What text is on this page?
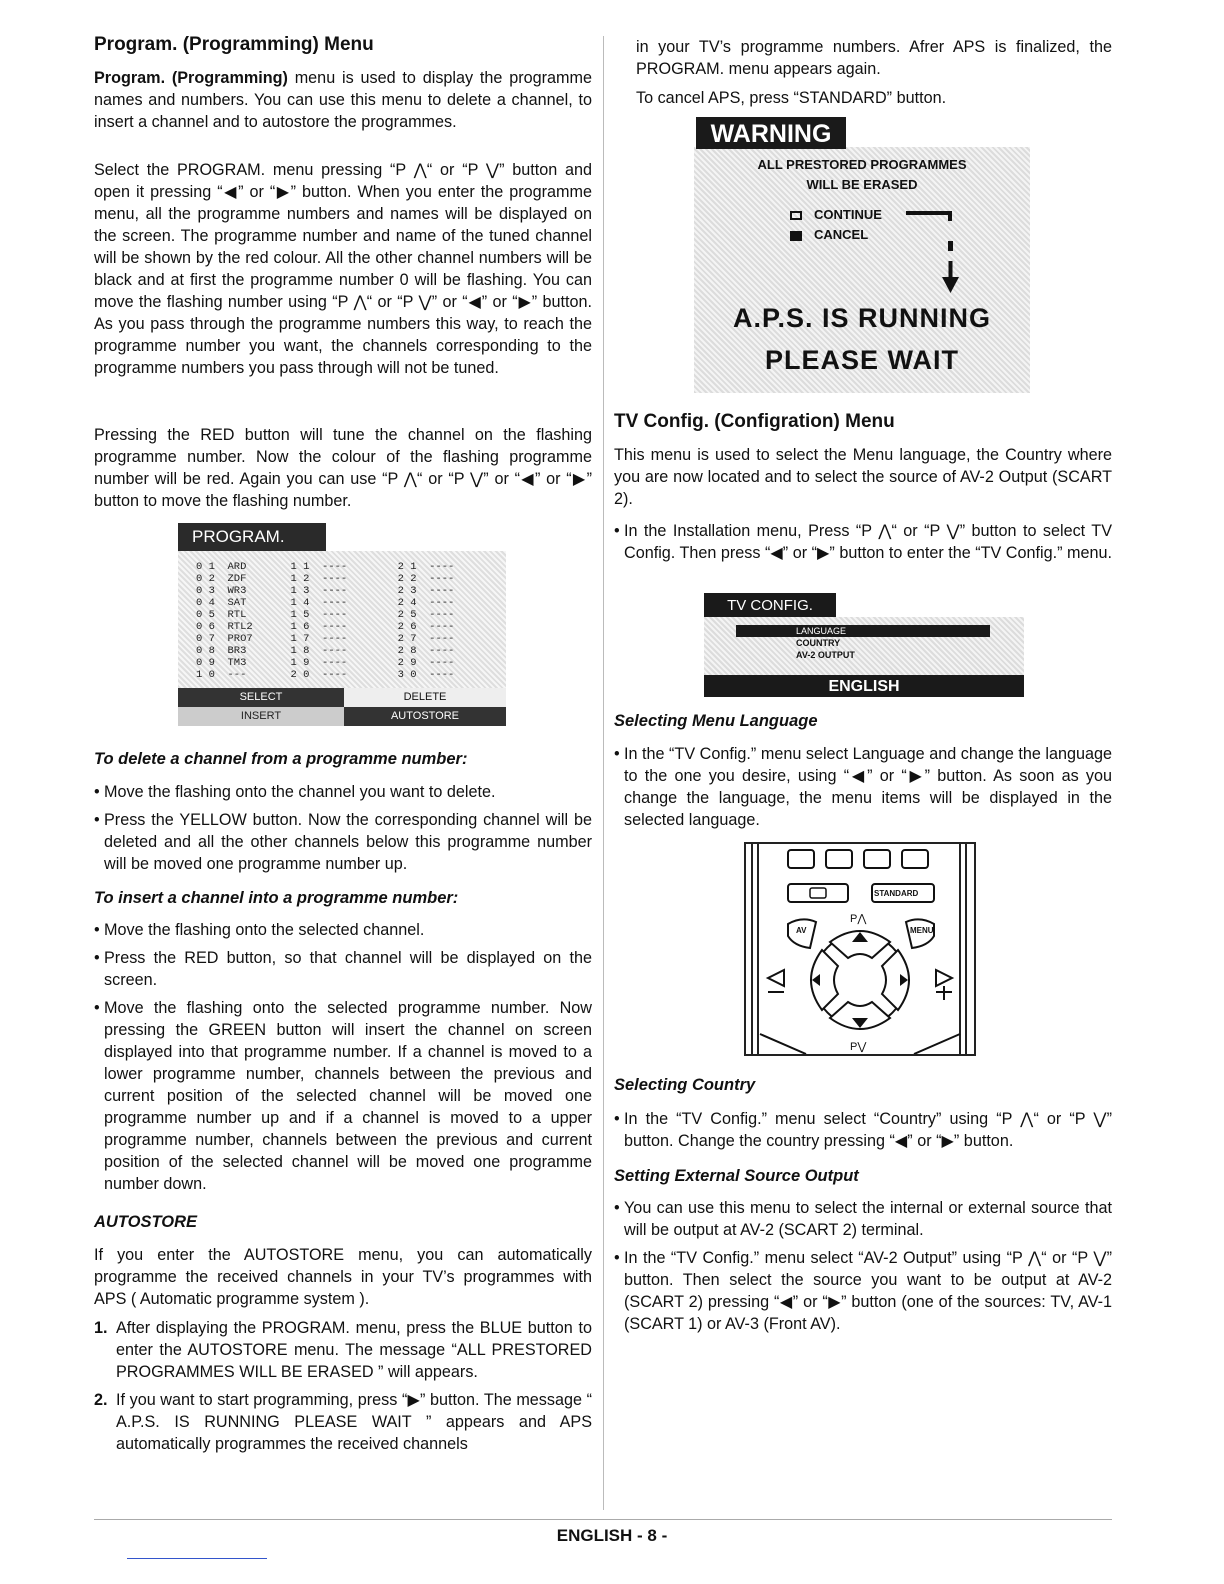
Program. (Programming) Menu

Program. (Programming) menu is used to display the programme names and numbers. You can use this menu to delete a channel, to insert a channel and to autostore the programmes.

Select the PROGRAM. menu pressing “P ⋀“ or “P ⋁” button and open it pressing “◀” or “▶” button. When you enter the programme menu, all the programme numbers and names will be displayed on the screen. The programme number and name of the tuned channel will be shown by the red colour. All the other channel numbers will be black and at first the programme number 0 will be flashing. You can move the flashing number using “P ⋀“ or “P ⋁” or “◀” or “▶” button. As you pass through the programme numbers this way, to reach the programme number you want, the channels corresponding to the programme numbers you pass through will not be tuned.

Pressing the RED button will tune the channel on the flashing programme number. Now the colour of the flashing programme number will be red. Again you can use “P ⋀“ or “P ⋁” or “◀” or “▶” button to move the flashing number.

PROGRAM.
0 1  ARD       1 1  ----        2 1  ----
0 2  ZDF       1 2  ----        2 2  ----
0 3  WR3       1 3  ----        2 3  ----
0 4  SAT       1 4  ----        2 4  ----
0 5  RTL       1 5  ----        2 5  ----
0 6  RTL2      1 6  ----        2 6  ----
0 7  PRO7      1 7  ----        2 7  ----
0 8  BR3       1 8  ----        2 8  ----
0 9  TM3       1 9  ----        2 9  ----
1 0  ---       2 0  ----        3 0  ----
SELECT	DELETE
INSERT	AUTOSTORE

To delete a channel from a programme number:

• Move the flashing onto the channel you want to delete.
• Press the YELLOW button. Now the corresponding channel will be deleted and all the other channels below this programme number will be moved one programme number up.

To insert a channel into a programme number:

• Move the flashing onto the selected channel.
• Press the RED button, so that channel will be displayed on the screen.
• Move the flashing onto the selected programme number. Now pressing the GREEN button will insert the channel on screen displayed into that programme number. If a channel is moved to a lower programme number, channels between the previous and current position of the selected channel will be moved one programme number up and if a channel is moved to a upper programme number, channels between the previous and current position of the selected channel will be moved one programme number down.

AUTOSTORE

If you enter the AUTOSTORE menu, you can automatically programme the received channels in your TV’s programmes with APS ( Automatic programme system ).

1. After displaying the PROGRAM. menu, press the BLUE button to enter the AUTOSTORE menu. The message “ALL PRESTORED PROGRAMMES WILL BE ERASED ” will appears.
2. If you want to start programming, press “▶” button. The message “ A.P.S. IS RUNNING PLEASE WAIT ” appears and APS automatically programmes the received channels

in your TV’s programme numbers. Afrer APS is finalized, the PROGRAM. menu appears again.

To cancel APS, press “STANDARD” button.

ALL PRESTORED PROGRAMMES
WILL BE ERASED
CONTINUE
CANCEL
A.P.S. IS RUNNING
PLEASE WAIT
WARNING
TV Config. (Configration) Menu

This menu is used to select the Menu language, the Country where you are now located and to select the source of AV-2 Output (SCART 2).

• In the Installation menu, Press “P ⋀“ or “P ⋁” button to select TV Config. Then press “◀” or “▶” button to enter the “TV Config.” menu.
TV CONFIG.
LANGUAGE
COUNTRY
AV-2 OUTPUT
ENGLISH

Selecting Menu Language

• In the “TV Config.” menu select Language and change the language to the one you desire, using “◀” or “▶” button. As soon as you change the language, the menu items will be displayed in the selected language.
STANDARD
AV	MENU
P⋀
P⋁

Selecting Country

• In the “TV Config.” menu select “Country” using “P ⋀“ or “P ⋁” button. Change the country pressing “◀” or “▶” button.

Setting External Source Output

• You can use this menu to select the internal or external source that will be output at AV-2 (SCART 2) terminal.
• In the “TV Config.” menu select “AV-2 Output” using “P ⋀“ or “P ⋁” button. Then select the source you want to be output at AV-2 (SCART 2) pressing “◀” or “▶” button (one of the sources: TV, AV-1 (SCART 1) or AV-3 (Front AV).
ENGLISH - 8 -
